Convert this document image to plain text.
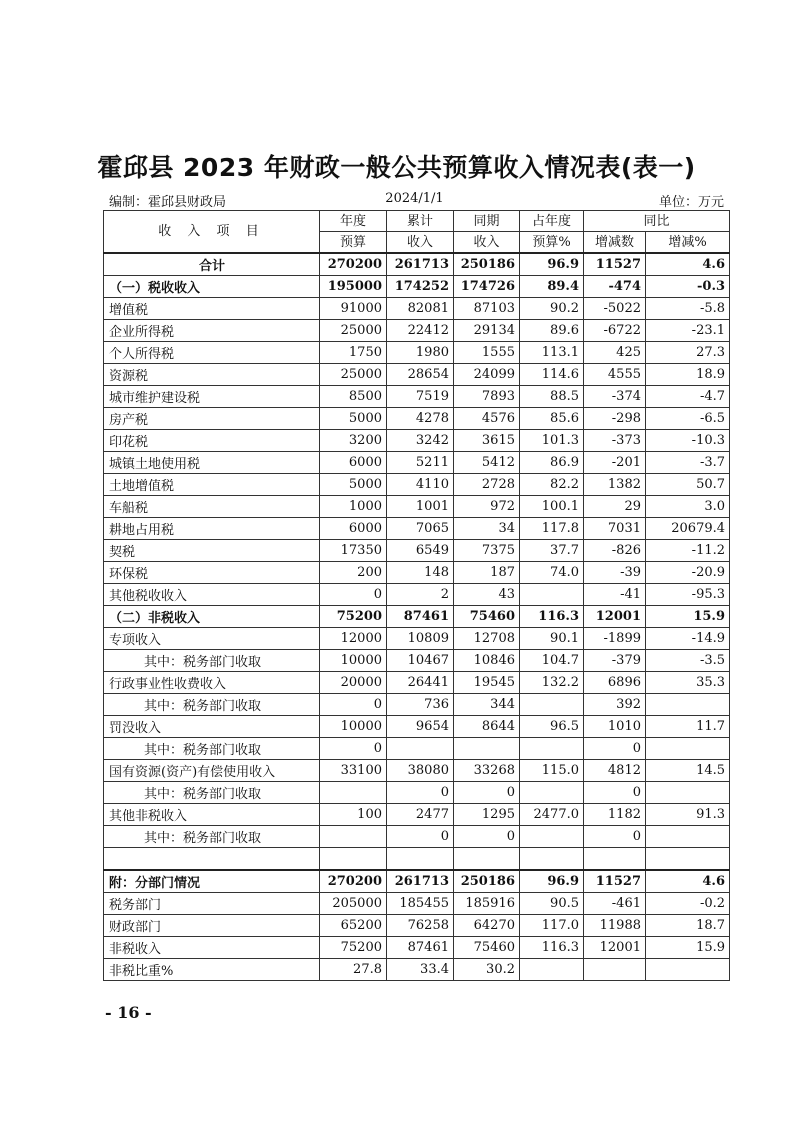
霍邱县 2023 年财政一般公共预算收入情况表(表一)
编制：霍邱县财政局	2024/1/1	单位：万元
收 入 项 目	年度	累计	同期	占年度	同比	
	预算	收入	收入	预算%	增减数	增减%
合计	270200	261713	250186	96.9	11527	4.6
（一）税收收入	195000	174252	174726	89.4	-474	-0.3
增值税	91000	82081	87103	90.2	-5022	-5.8
企业所得税	25000	22412	29134	89.6	-6722	-23.1
个人所得税	1750	1980	1555	113.1	425	27.3
资源税	25000	28654	24099	114.6	4555	18.9
城市维护建设税	8500	7519	7893	88.5	-374	-4.7
房产税	5000	4278	4576	85.6	-298	-6.5
印花税	3200	3242	3615	101.3	-373	-10.3
城镇土地使用税	6000	5211	5412	86.9	-201	-3.7
土地增值税	5000	4110	2728	82.2	1382	50.7
车船税	1000	1001	972	100.1	29	3.0
耕地占用税	6000	7065	34	117.8	7031	20679.4
契税	17350	6549	7375	37.7	-826	-11.2
环保税	200	148	187	74.0	-39	-20.9
其他税收收入	0	2	43		-41	-95.3
（二）非税收入	75200	87461	75460	116.3	12001	15.9
专项收入	12000	10809	12708	90.1	-1899	-14.9
其中：税务部门收取	10000	10467	10846	104.7	-379	-3.5
行政事业性收费收入	20000	26441	19545	132.2	6896	35.3
其中：税务部门收取	0	736	344		392	
罚没收入	10000	9654	8644	96.5	1010	11.7
其中：税务部门收取	0				0	
国有资源(资产)有偿使用收入	33100	38080	33268	115.0	4812	14.5
其中：税务部门收取		0	0		0	
其他非税收入	100	2477	1295	2477.0	1182	91.3
其中：税务部门收取		0	0		0	

附：分部门情况	270200	261713	250186	96.9	11527	4.6
税务部门	205000	185455	185916	90.5	-461	-0.2
财政部门	65200	76258	64270	117.0	11988	18.7
非税收入	75200	87461	75460	116.3	12001	15.9
非税比重%	27.8	33.4	30.2			
- 16 -
